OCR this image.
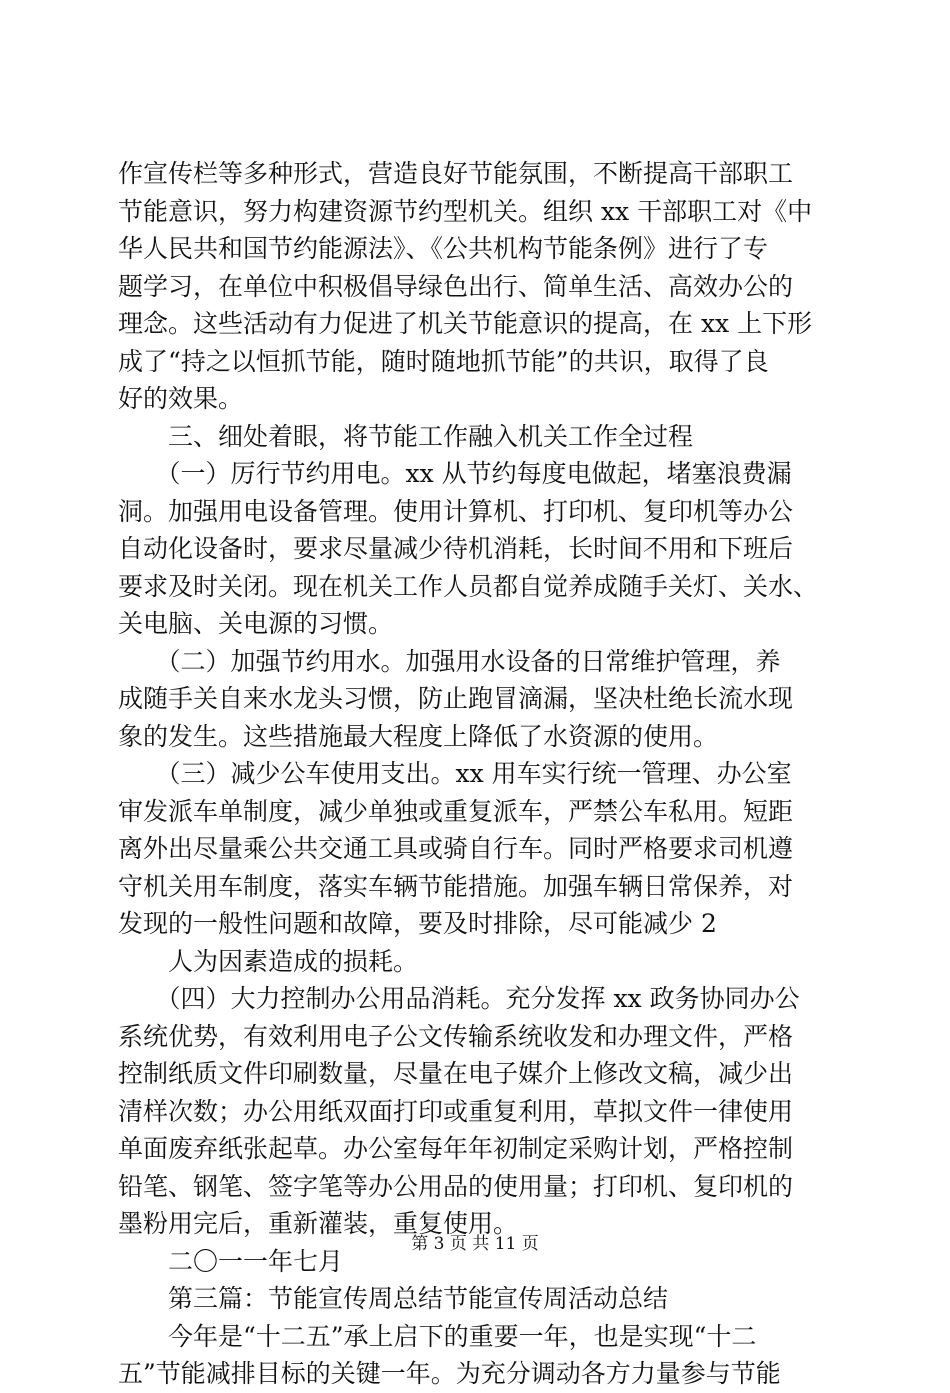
作宣传栏等多种形式，营造良好节能氛围，不断提高干部职工
节能意识，努力构建资源节约型机关。组织 xx 干部职工对《中
华人民共和国节约能源法》、《公共机构节能条例》进行了专
题学习，在单位中积极倡导绿色出行、简单生活、高效办公的
理念。这些活动有力促进了机关节能意识的提高，在 xx 上下形
成了“持之以恒抓节能，随时随地抓节能”的共识，取得了良
好的效果。
　　三、细处着眼，将节能工作融入机关工作全过程
　　（一）厉行节约用电。xx 从节约每度电做起，堵塞浪费漏
洞。加强用电设备管理。使用计算机、打印机、复印机等办公
自动化设备时，要求尽量减少待机消耗，长时间不用和下班后
要求及时关闭。现在机关工作人员都自觉养成随手关灯、关水、
关电脑、关电源的习惯。
　　（二）加强节约用水。加强用水设备的日常维护管理，养
成随手关自来水龙头习惯，防止跑冒滴漏，坚决杜绝长流水现
象的发生。这些措施最大程度上降低了水资源的使用。
　　（三）减少公车使用支出。xx 用车实行统一管理、办公室
审发派车单制度，减少单独或重复派车，严禁公车私用。短距
离外出尽量乘公共交通工具或骑自行车。同时严格要求司机遵
守机关用车制度，落实车辆节能措施。加强车辆日常保养，对
发现的一般性问题和故障，要及时排除，尽可能减少 2
　　人为因素造成的损耗。
　　（四）大力控制办公用品消耗。充分发挥 xx 政务协同办公
系统优势，有效利用电子公文传输系统收发和办理文件，严格
控制纸质文件印刷数量，尽量在电子媒介上修改文稿，减少出
清样次数；办公用纸双面打印或重复利用，草拟文件一律使用
单面废弃纸张起草。办公室每年年初制定采购计划，严格控制
铅笔、钢笔、签字笔等办公用品的使用量；打印机、复印机的
墨粉用完后，重新灌装，重复使用。
　　二〇一一年七月
　　第三篇：节能宣传周总结节能宣传周活动总结
　　今年是“十二五”承上启下的重要一年，也是实现“十二
五”节能减排目标的关键一年。为充分调动各方力量参与节能
第 3 页 共 11 页
